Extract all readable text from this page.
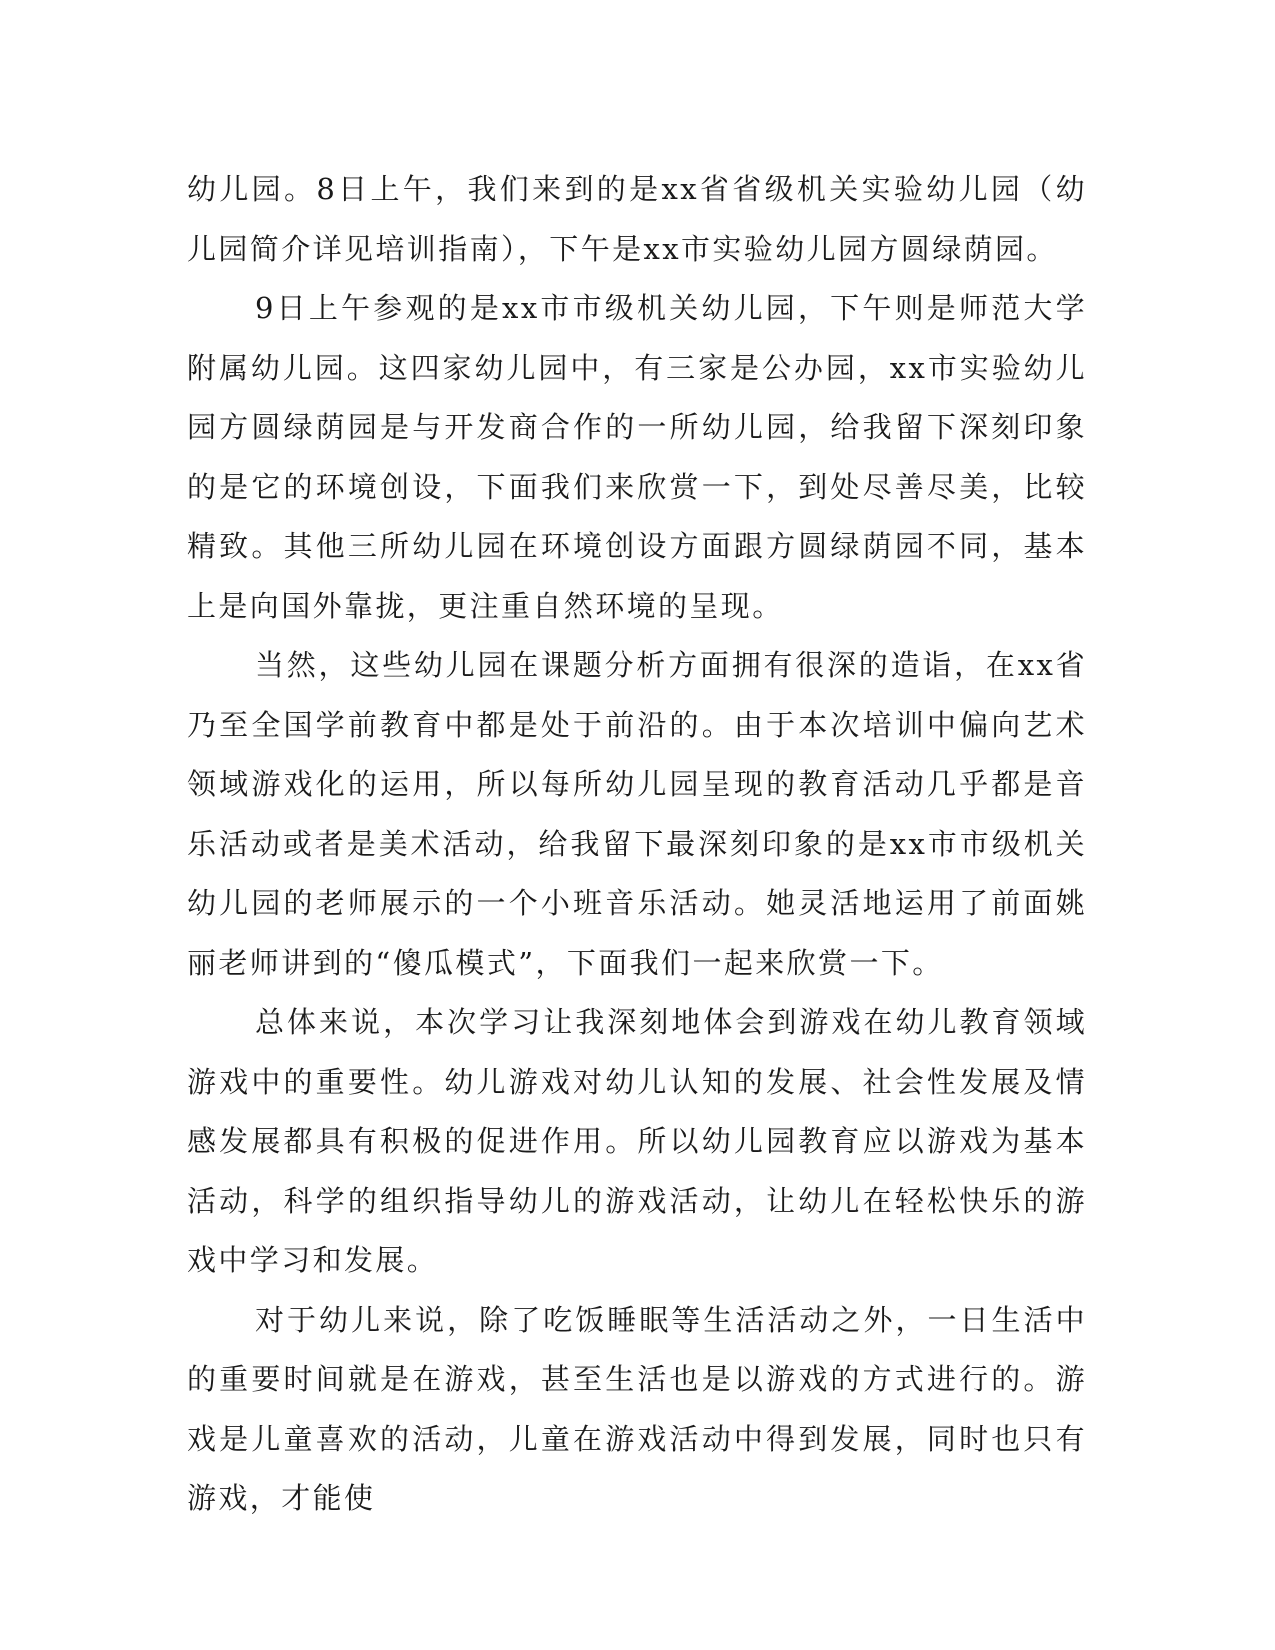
幼儿园。8日上午，我们来到的是xx省省级机关实验幼儿园（幼儿园简介详见培训指南），下午是xx市实验幼儿园方圆绿荫园。

9日上午参观的是xx市市级机关幼儿园，下午则是师范大学附属幼儿园。这四家幼儿园中，有三家是公办园，xx市实验幼儿园方圆绿荫园是与开发商合作的一所幼儿园，给我留下深刻印象的是它的环境创设，下面我们来欣赏一下，到处尽善尽美，比较精致。其他三所幼儿园在环境创设方面跟方圆绿荫园不同，基本上是向国外靠拢，更注重自然环境的呈现。

当然，这些幼儿园在课题分析方面拥有很深的造诣，在xx省乃至全国学前教育中都是处于前沿的。由于本次培训中偏向艺术领域游戏化的运用，所以每所幼儿园呈现的教育活动几乎都是音乐活动或者是美术活动，给我留下最深刻印象的是xx市市级机关幼儿园的老师展示的一个小班音乐活动。她灵活地运用了前面姚丽老师讲到的“傻瓜模式”，下面我们一起来欣赏一下。

总体来说，本次学习让我深刻地体会到游戏在幼儿教育领域游戏中的重要性。幼儿游戏对幼儿认知的发展、社会性发展及情感发展都具有积极的促进作用。所以幼儿园教育应以游戏为基本活动，科学的组织指导幼儿的游戏活动，让幼儿在轻松快乐的游戏中学习和发展。

对于幼儿来说，除了吃饭睡眠等生活活动之外，一日生活中的重要时间就是在游戏，甚至生活也是以游戏的方式进行的。游戏是儿童喜欢的活动，儿童在游戏活动中得到发展，同时也只有游戏，才能使
